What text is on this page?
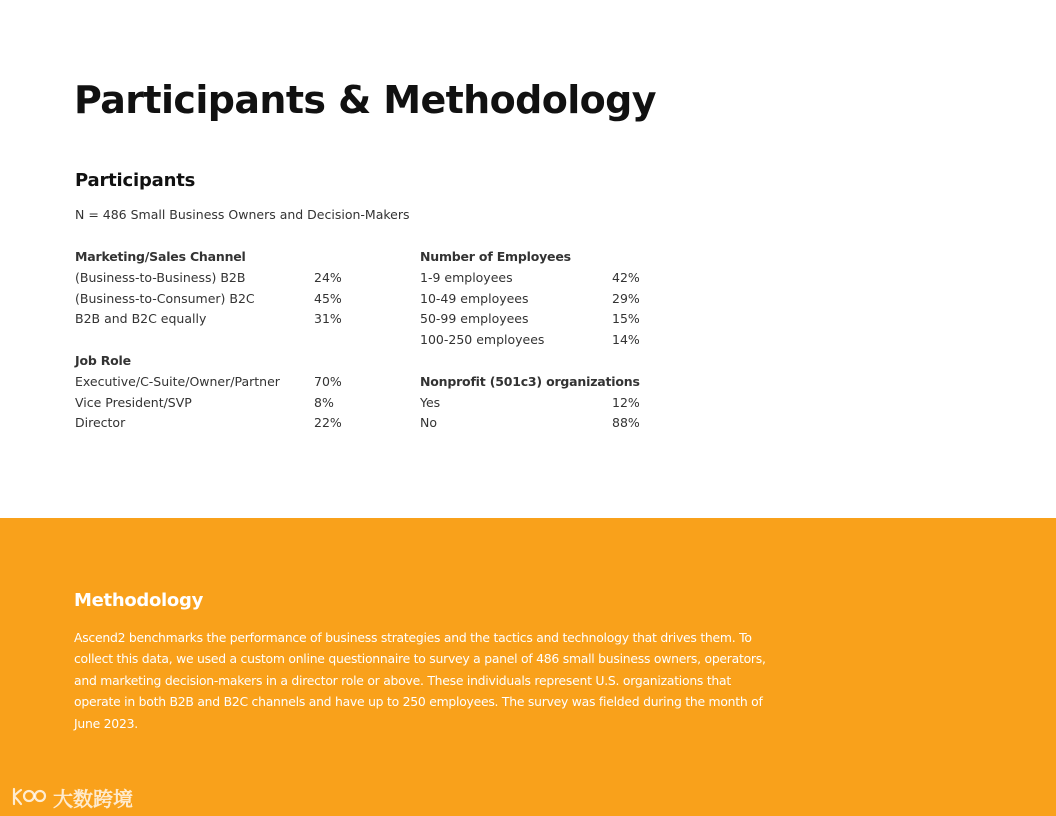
Participants & Methodology
Participants

N = 486 Small Business Owners and Decision-Makers

Marketing/Sales Channel
(Business-to-Business) B2B	24%
(Business-to-Consumer) B2C	45%
B2B and B2C equally	31%
Job Role
Executive/C-Suite/Owner/Partner	70%
Vice President/SVP	8%
Director	22%
Number of Employees
1-9 employees	42%
10-49 employees	29%
50-99 employees	15%
100-250 employees	14%
Nonprofit (501c3) organizations
Yes	12%
No	88%
Methodology

Ascend2 benchmarks the performance of business strategies and the tactics and technology that drives them. To collect this data, we used a custom online questionnaire to survey a panel of 486 small business owners, operators, and marketing decision-makers in a director role or above. These individuals represent U.S. organizations that operate in both B2B and B2C channels and have up to 250 employees. The survey was fielded during the month of June 2023.

大数跨境
